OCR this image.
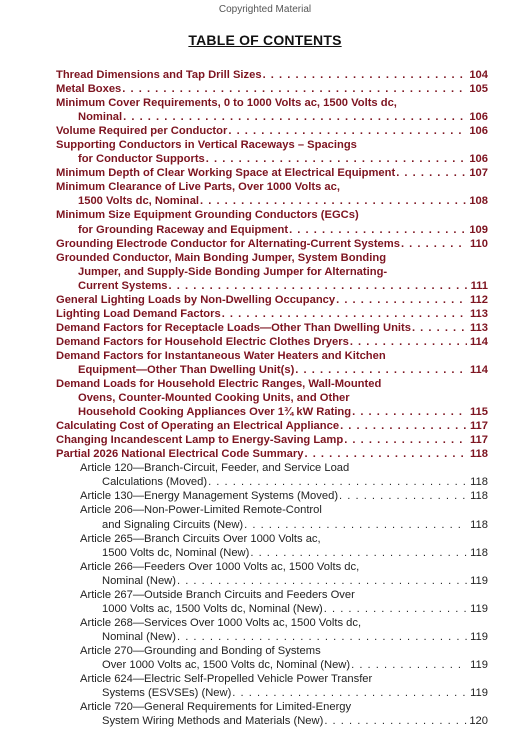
Copyrighted Material
TABLE OF CONTENTS
Thread Dimensions and Tap Drill Sizes . . .	104
Metal Boxes . . .	105
Minimum Cover Requirements, 0 to 1000 Volts ac, 1500 Volts dc,
Nominal . . .	106
Volume Required per Conductor . . .	106
Supporting Conductors in Vertical Raceways – Spacings
for Conductor Supports . . .	106
Minimum Depth of Clear Working Space at Electrical Equipment . . .	107
Minimum Clearance of Live Parts, Over 1000 Volts ac,
1500 Volts dc, Nominal . . .	108
Minimum Size Equipment Grounding Conductors (EGCs)
for Grounding Raceway and Equipment . . .	109
Grounding Electrode Conductor for Alternating-Current Systems . . .	110
Grounded Conductor, Main Bonding Jumper, System Bonding
Jumper, and Supply-Side Bonding Jumper for Alternating-
Current Systems . . .	111
General Lighting Loads by Non-Dwelling Occupancy . . .	112
Lighting Load Demand Factors . . .	113
Demand Factors for Receptacle Loads—Other Than Dwelling Units . . .	113
Demand Factors for Household Electric Clothes Dryers . . .	114
Demand Factors for Instantaneous Water Heaters and Kitchen
Equipment—Other Than Dwelling Unit(s) . . .	114
Demand Loads for Household Electric Ranges, Wall-Mounted
Ovens, Counter-Mounted Cooking Units, and Other
Household Cooking Appliances Over 1¾ kW Rating . . .	115
Calculating Cost of Operating an Electrical Appliance . . .	117
Changing Incandescent Lamp to Energy-Saving Lamp . . .	117
Partial 2026 National Electrical Code Summary . . .	118
Article 120—Branch-Circuit, Feeder, and Service Load
Calculations (Moved) . . .	118
Article 130—Energy Management Systems (Moved) . . .	118
Article 206—Non-Power-Limited Remote-Control
and Signaling Circuits (New) . . .	118
Article 265—Branch Circuits Over 1000 Volts ac,
1500 Volts dc, Nominal (New) . . .	118
Article 266—Feeders Over 1000 Volts ac, 1500 Volts dc,
Nominal (New) . . .	119
Article 267—Outside Branch Circuits and Feeders Over
1000 Volts ac, 1500 Volts dc, Nominal (New) . . .	119
Article 268—Services Over 1000 Volts ac, 1500 Volts dc,
Nominal (New) . . .	119
Article 270—Grounding and Bonding of Systems
Over 1000 Volts ac, 1500 Volts dc, Nominal (New) . . .	119
Article 624—Electric Self-Propelled Vehicle Power Transfer
Systems (ESVSEs) (New) . . .	119
Article 720—General Requirements for Limited-Energy
System Wiring Methods and Materials (New) . . .	120
